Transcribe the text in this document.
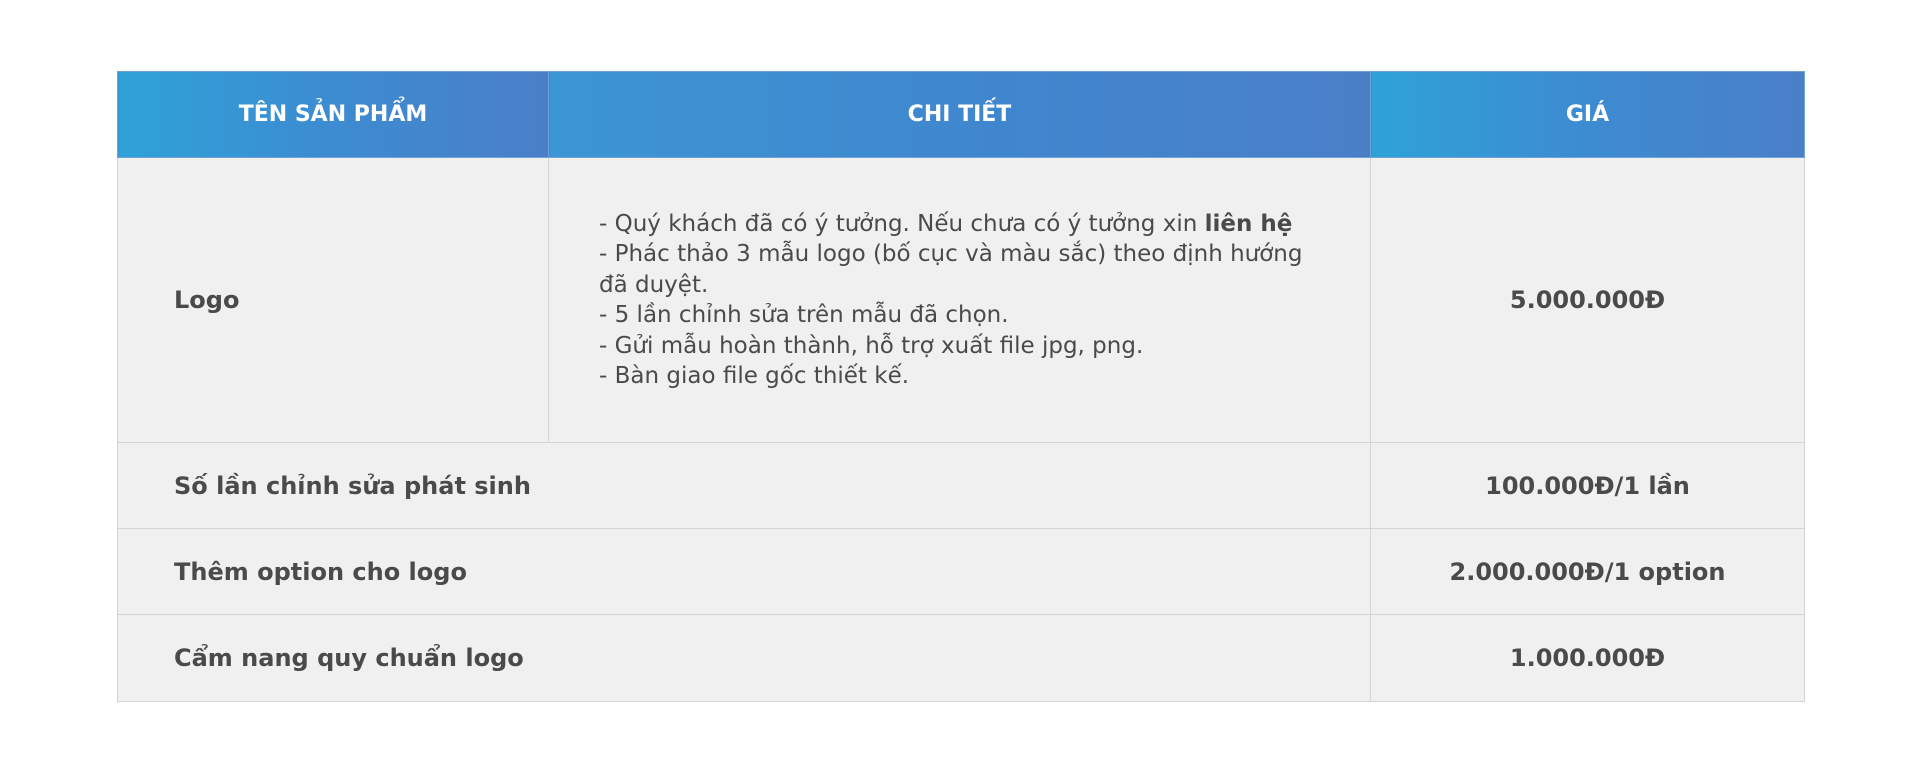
TÊN SẢN PHẨM	CHI TIẾT	GIÁ
Logo	- Quý khách đã có ý tưởng. Nếu chưa có ý tưởng xin liên hệ
- Phác thảo 3 mẫu logo (bố cục và màu sắc) theo định hướng đã duyệt.
- 5 lần chỉnh sửa trên mẫu đã chọn.
- Gửi mẫu hoàn thành, hỗ trợ xuất file jpg, png.
- Bàn giao file gốc thiết kế.	5.000.000Đ
Số lần chỉnh sửa phát sinh		100.000Đ/1 lần
Thêm option cho logo		2.000.000Đ/1 option
Cẩm nang quy chuẩn logo		1.000.000Đ
